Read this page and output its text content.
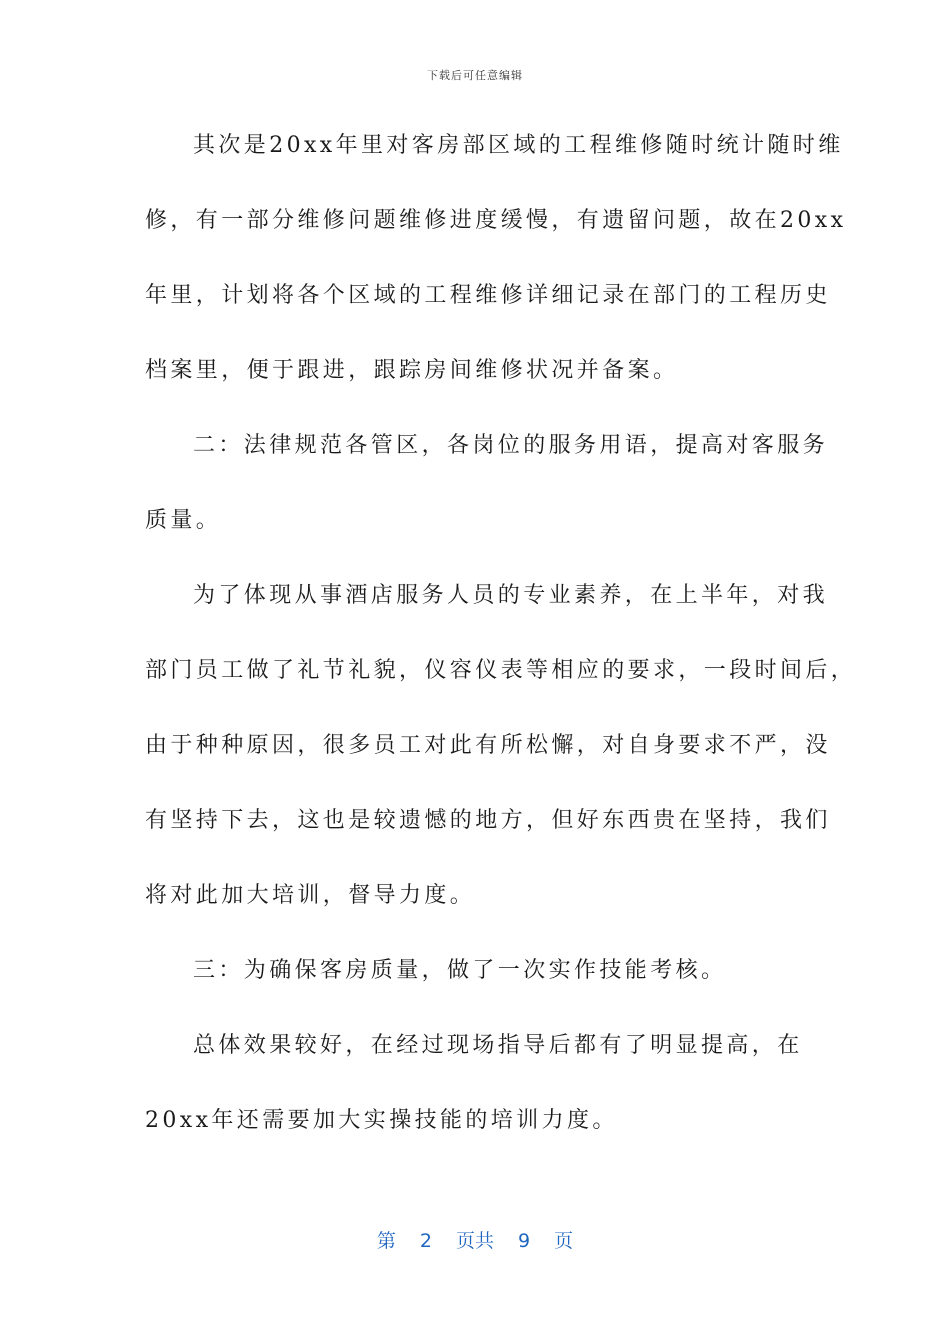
下载后可任意编辑
其次是20xx年里对客房部区域的工程维修随时统计随时维
修，有一部分维修问题维修进度缓慢，有遗留问题，故在20xx
年里，计划将各个区域的工程维修详细记录在部门的工程历史
档案里，便于跟进，跟踪房间维修状况并备案。
二：法律规范各管区，各岗位的服务用语，提高对客服务
质量。
为了体现从事酒店服务人员的专业素养，在上半年，对我
部门员工做了礼节礼貌，仪容仪表等相应的要求，一段时间后，
由于种种原因，很多员工对此有所松懈，对自身要求不严，没
有坚持下去，这也是较遗憾的地方，但好东西贵在坚持，我们
将对此加大培训，督导力度。
三：为确保客房质量，做了一次实作技能考核。
总体效果较好，在经过现场指导后都有了明显提高，在
20xx年还需要加大实操技能的培训力度。
第 2 页共 9 页
